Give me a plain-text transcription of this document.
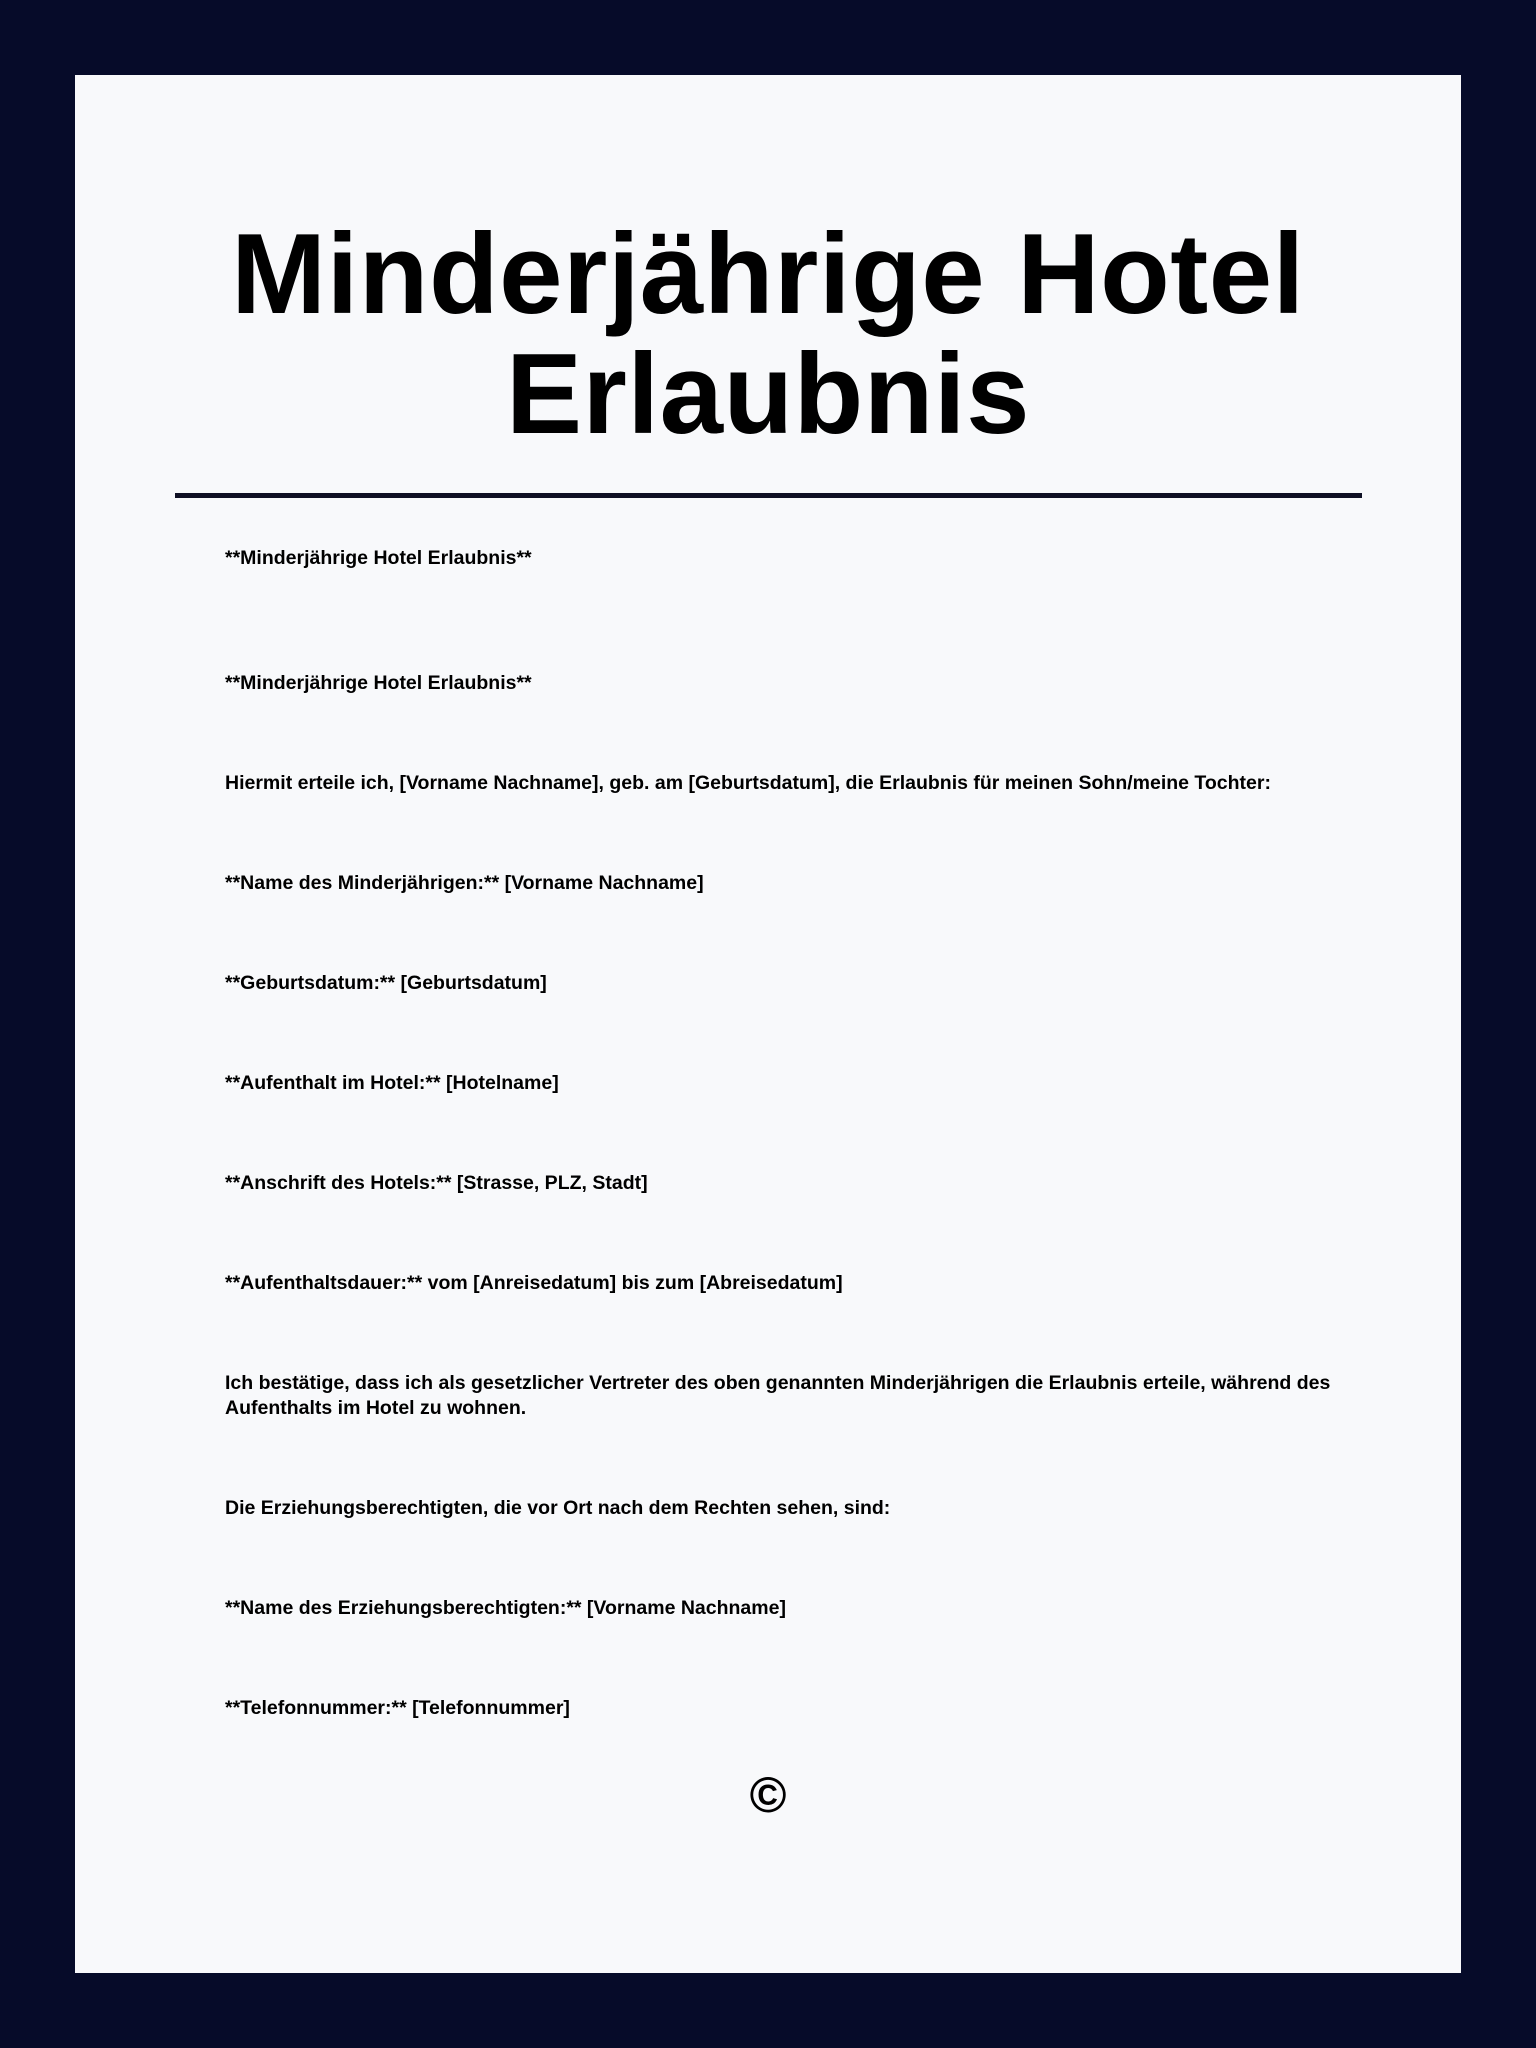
Minderjährige Hotel
Erlaubnis

**Minderjährige Hotel Erlaubnis**

**Minderjährige Hotel Erlaubnis**

Hiermit erteile ich, [Vorname Nachname], geb. am [Geburtsdatum], die Erlaubnis für meinen Sohn/meine Tochter:

**Name des Minderjährigen:** [Vorname Nachname]

**Geburtsdatum:** [Geburtsdatum]

**Aufenthalt im Hotel:** [Hotelname]

**Anschrift des Hotels:** [Strasse, PLZ, Stadt]

**Aufenthaltsdauer:** vom [Anreisedatum] bis zum [Abreisedatum]

Ich bestätige, dass ich als gesetzlicher Vertreter des oben genannten Minderjährigen die Erlaubnis erteile, während des Aufenthalts im Hotel zu wohnen.

Die Erziehungsberechtigten, die vor Ort nach dem Rechten sehen, sind:

**Name des Erziehungsberechtigten:** [Vorname Nachname]

**Telefonnummer:** [Telefonnummer]

©
